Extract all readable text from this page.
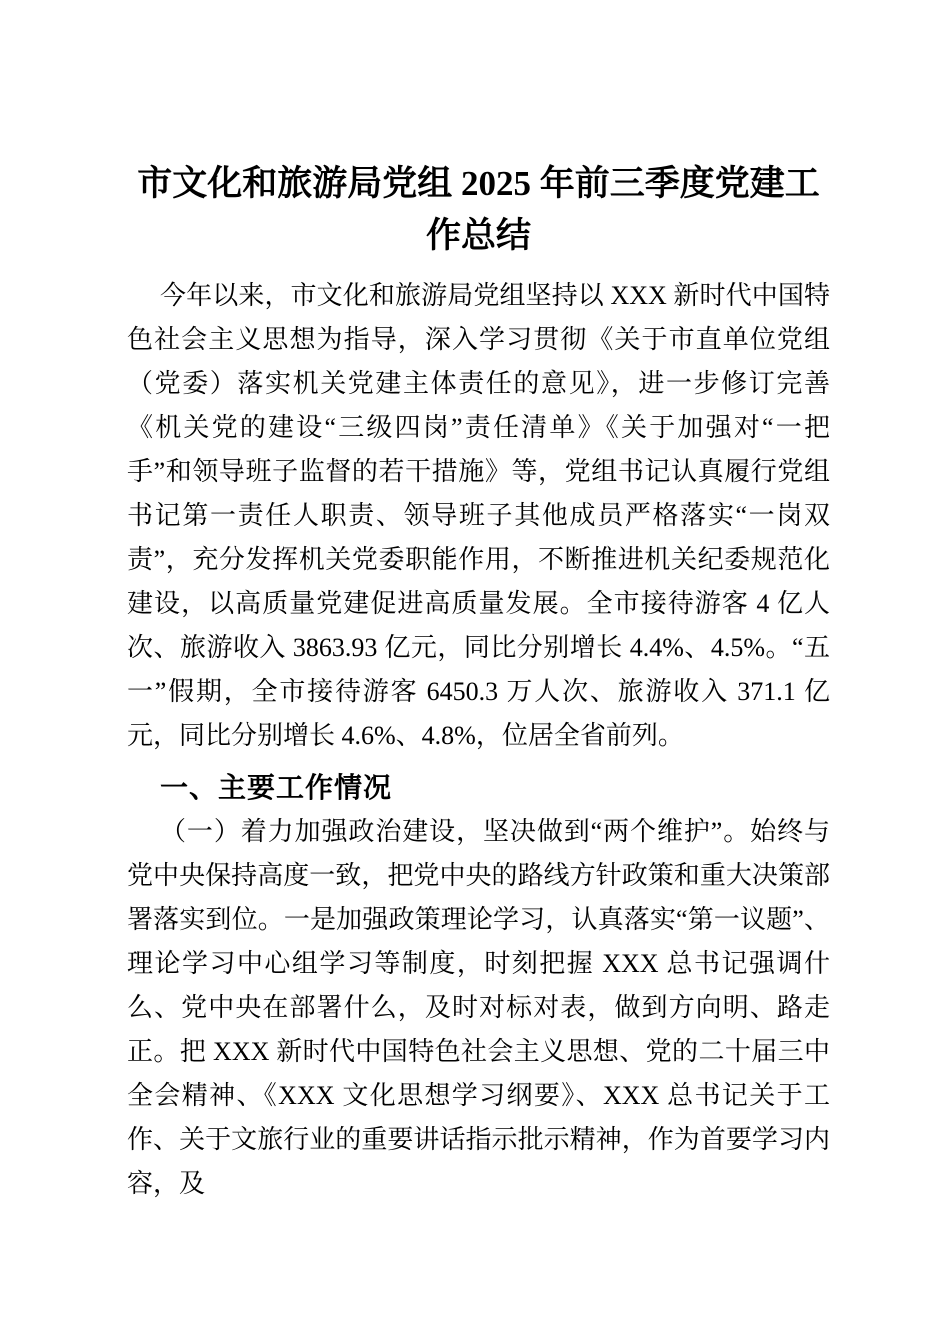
市文化和旅游局党组 2025 年前三季度党建工作总结

今年以来，市文化和旅游局党组坚持以 XXX 新时代中国特色社会主义思想为指导，深入学习贯彻《关于市直单位党组（党委）落实机关党建主体责任的意见》，进一步修订完善《机关党的建设“三级四岗”责任清单》《关于加强对“一把手”和领导班子监督的若干措施》等，党组书记认真履行党组书记第一责任人职责、领导班子其他成员严格落实“一岗双责”，充分发挥机关党委职能作用，不断推进机关纪委规范化建设，以高质量党建促进高质量发展。全市接待游客 4 亿人次、旅游收入 3863.93 亿元，同比分别增长 4.4%、4.5%。“五一”假期，全市接待游客 6450.3 万人次、旅游收入 371.1 亿元，同比分别增长 4.6%、4.8%，位居全省前列。

一、主要工作情况

（一）着力加强政治建设，坚决做到“两个维护”。始终与党中央保持高度一致，把党中央的路线方针政策和重大决策部署落实到位。一是加强政策理论学习，认真落实“第一议题”、理论学习中心组学习等制度，时刻把握 XXX 总书记强调什么、党中央在部署什么，及时对标对表，做到方向明、路走正。把 XXX 新时代中国特色社会主义思想、党的二十届三中全会精神、《XXX 文化思想学习纲要》、XXX 总书记关于工作、关于文旅行业的重要讲话指示批示精神，作为首要学习内容，及
